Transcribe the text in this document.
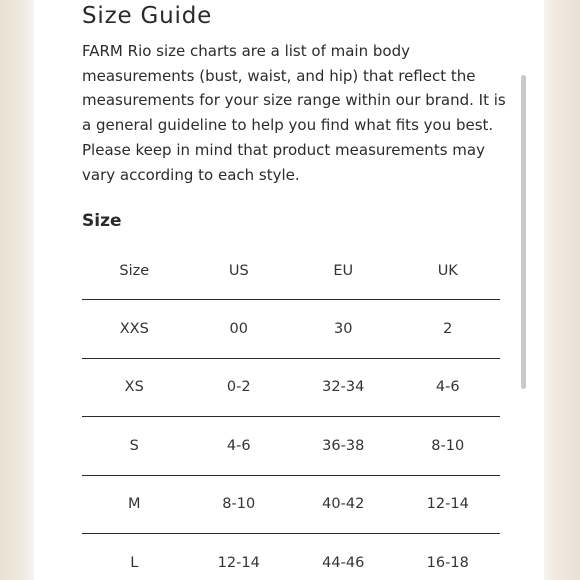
Size Guide

FARM Rio size charts are a list of main body measurements (bust, waist, and hip) that reflect the measurements for your size range within our brand. It is a general guideline to help you find what fits you best. Please keep in mind that product measurements may vary according to each style.

Size
Size	US	EU	UK
XXS	00	30	2
XS	0-2	32-34	4-6
S	4-6	36-38	8-10
M	8-10	40-42	12-14
L	12-14	44-46	16-18
